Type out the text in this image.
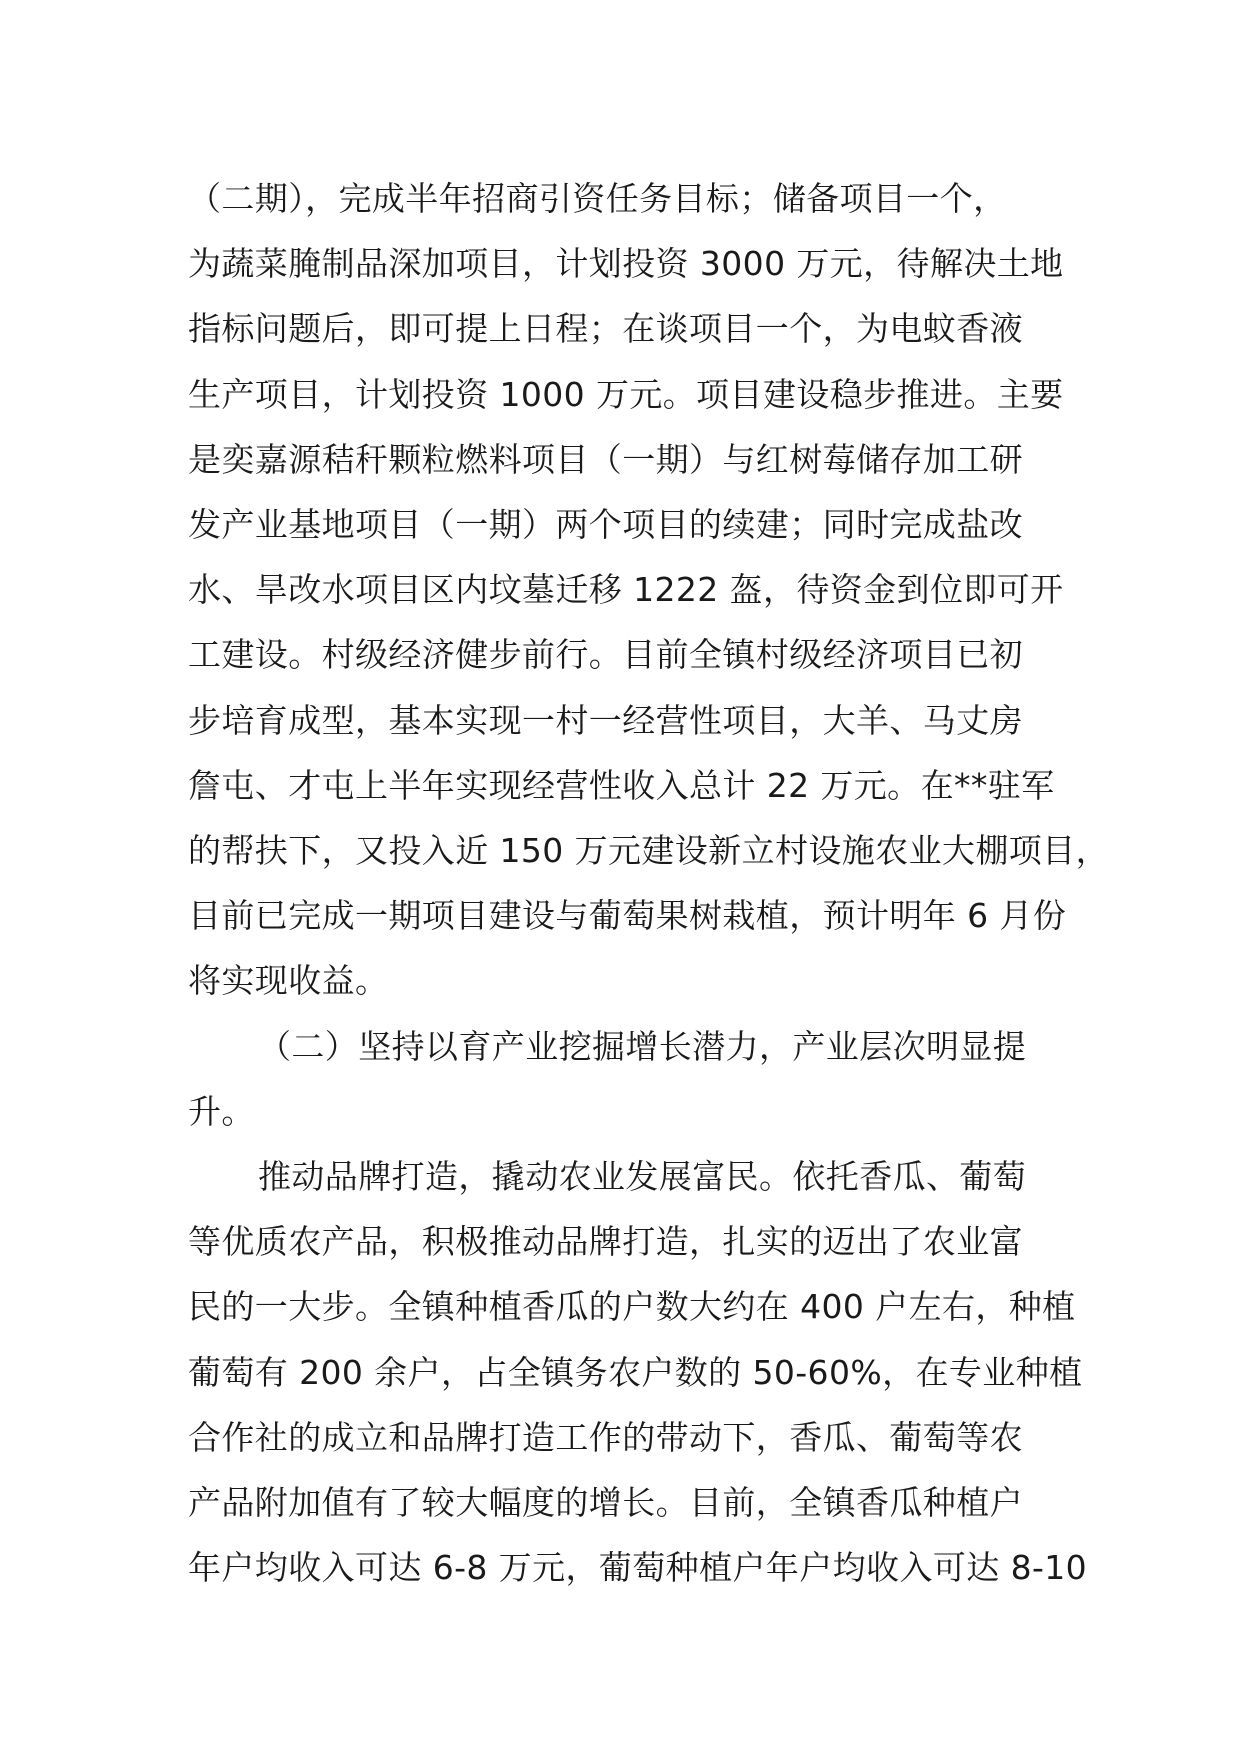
（二期），完成半年招商引资任务目标；储备项目一个，
为蔬菜腌制品深加项目，计划投资 3000 万元，待解决土地
指标问题后，即可提上日程；在谈项目一个，为电蚊香液
生产项目，计划投资 1000 万元。项目建设稳步推进。主要
是奕嘉源秸秆颗粒燃料项目（一期）与红树莓储存加工研
发产业基地项目（一期）两个项目的续建；同时完成盐改
水、旱改水项目区内坟墓迁移 1222 盔，待资金到位即可开
工建设。村级经济健步前行。目前全镇村级经济项目已初
步培育成型，基本实现一村一经营性项目，大羊、马丈房
詹屯、才屯上半年实现经营性收入总计 22 万元。在**驻军
的帮扶下，又投入近 150 万元建设新立村设施农业大棚项目，
目前已完成一期项目建设与葡萄果树栽植，预计明年 6 月份
将实现收益。

（二）坚持以育产业挖掘增长潜力，产业层次明显提
升。

推动品牌打造，撬动农业发展富民。依托香瓜、葡萄
等优质农产品，积极推动品牌打造，扎实的迈出了农业富
民的一大步。全镇种植香瓜的户数大约在 400 户左右，种植
葡萄有 200 余户，占全镇务农户数的 50-60%，在专业种植
合作社的成立和品牌打造工作的带动下，香瓜、葡萄等农
产品附加值有了较大幅度的增长。目前，全镇香瓜种植户
年户均收入可达 6-8 万元，葡萄种植户年户均收入可达 8-10
